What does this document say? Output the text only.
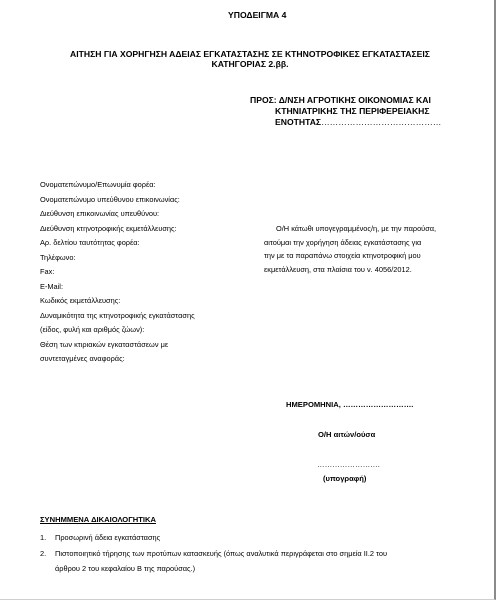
ΥΠΟΔΕΙΓΜΑ 4
ΑΙΤΗΣΗ ΓΙΑ ΧΟΡΗΓΗΣΗ ΑΔΕΙΑΣ ΕΓΚΑΤΑΣΤΑΣΗΣ ΣΕ ΚΤΗΝΟΤΡΟΦΙΚΕΣ ΕΓΚΑΤΑΣΤΑΣΕΙΣ
ΚΑΤΗΓΟΡΙΑΣ 2.ββ.
ΠΡΟΣ: Δ/ΝΣΗ ΑΓΡΟΤΙΚΗΣ ΟΙΚΟΝΟΜΙΑΣ ΚΑΙ
ΚΤΗΝΙΑΤΡΙΚΗΣ ΤΗΣ ΠΕΡΙΦΕΡΕΙΑΚΗΣ
ΕΝΟΤΗΤΑΣ……………………………………
Ονοματεπώνυμο/Επωνυμία φορέα:
Ονοματεπώνυμο υπεύθυνου επικοινωνίας:
Διεύθυνση επικοινωνίας υπευθύνου:
Διεύθυνση κτηνοτροφικής εκμετάλλευσης:
Αρ. δελτίου ταυτότητας φορέα:
Τηλέφωνο:
Fax:
E-Mail:
Κωδικός εκμετάλλευσης:
Δυναμικότητα της κτηνοτροφικής εγκατάστασης
(είδος, φυλή και αριθμός ζώων):
Θέση των κτιριακών εγκαταστάσεων με
συντεταγμένες αναφοράς:
Ο/Η κάτωθι υπογεγραμμένος/η, με την παρούσα,
αιτούμαι την χορήγηση άδειας εγκατάστασης για
την με τα παραπάνω στοιχεία κτηνοτροφική μου
εκμετάλλευση, στα πλαίσια του ν. 4056/2012.
ΗΜΕΡΟΜΗΝΙΑ, ……………………….
Ο/Η αιτών/ούσα
…………………….
(υπογραφή)
ΣΥΝΗΜΜΕΝΑ ΔΙΚΑΙΟΛΟΓΗΤΙΚΑ
1. Προσωρινή άδεια εγκατάστασης
2. Πιστοποιητικό τήρησης των προτύπων κατασκευής (όπως αναλυτικά περιγράφεται στο σημεία ΙΙ.2 του
άρθρου 2 του κεφαλαίου Β της παρούσας.)
